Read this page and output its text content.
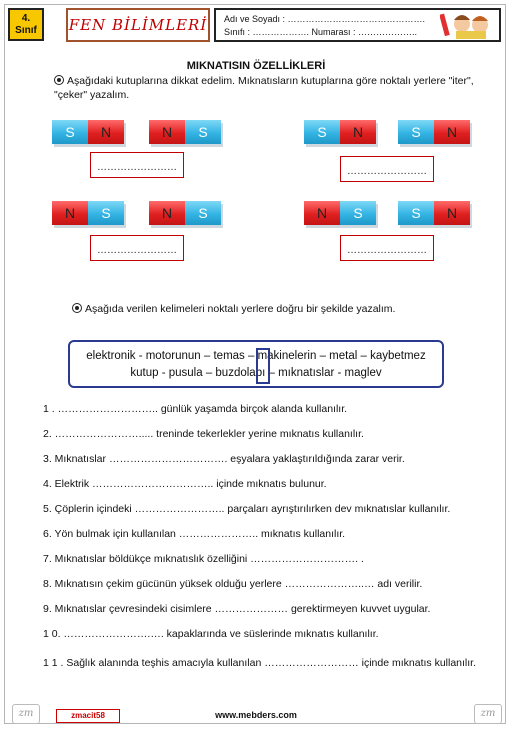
4.
Sınıf	FEN BİLİMLERİ Adı ve Soyadı : ……………………………………….
Sınıfı : ………………. Numarası : ………………..
MIKNATISIN ÖZELLİKLERİ
Aşağıdaki kutuplarına dikkat edelim. Mıknatısların kutuplarına göre noktalı yerlere "iter", "çeker" yazalım.
S	N	N	S
……………………
S	N	S	N
……………………
N	S	N	S
……………………
N	S	S	N
……………………
Aşağıda verilen kelimeleri noktalı yerlere doğru bir şekilde yazalım.
elektronik - motorunun – temas – makinelerin – metal – kaybetmez
kutup - pusula – buzdolabı – mıknatıslar - maglev
1 . ……………………….. günlük yaşamda birçok alanda kullanılır.
2. ……………………..... treninde tekerlekler yerine mıknatıs kullanılır.
3. Mıknatıslar ……………………………. eşyalara yaklaştırıldığında zarar verir.
4. Elektrik …………………………….. içinde mıknatıs bulunur.
5. Çöplerin içindeki …………………….. parçaları ayrıştırılırken dev mıknatıslar kullanılır.
6. Yön bulmak için kullanılan ………………….. mıknatıs kullanılır.
7. Mıknatıslar böldükçe mıknatıslık özelliğini …………………………. .
8. Mıknatısın çekim gücünün yüksek olduğu yerlere …………………..… adı verilir.
9. Mıknatıslar çevresindeki cisimlere ………………… gerektirmeyen kuvvet uygular.
1 0. …………………….…. kapaklarında ve süslerinde mıknatıs kullanılır.
1 1 . Sağlık alanında teşhis amacıyla kullanılan ……………………… içinde mıknatıs kullanılır.
zm	zmacit58	www.mebders.com	zm
